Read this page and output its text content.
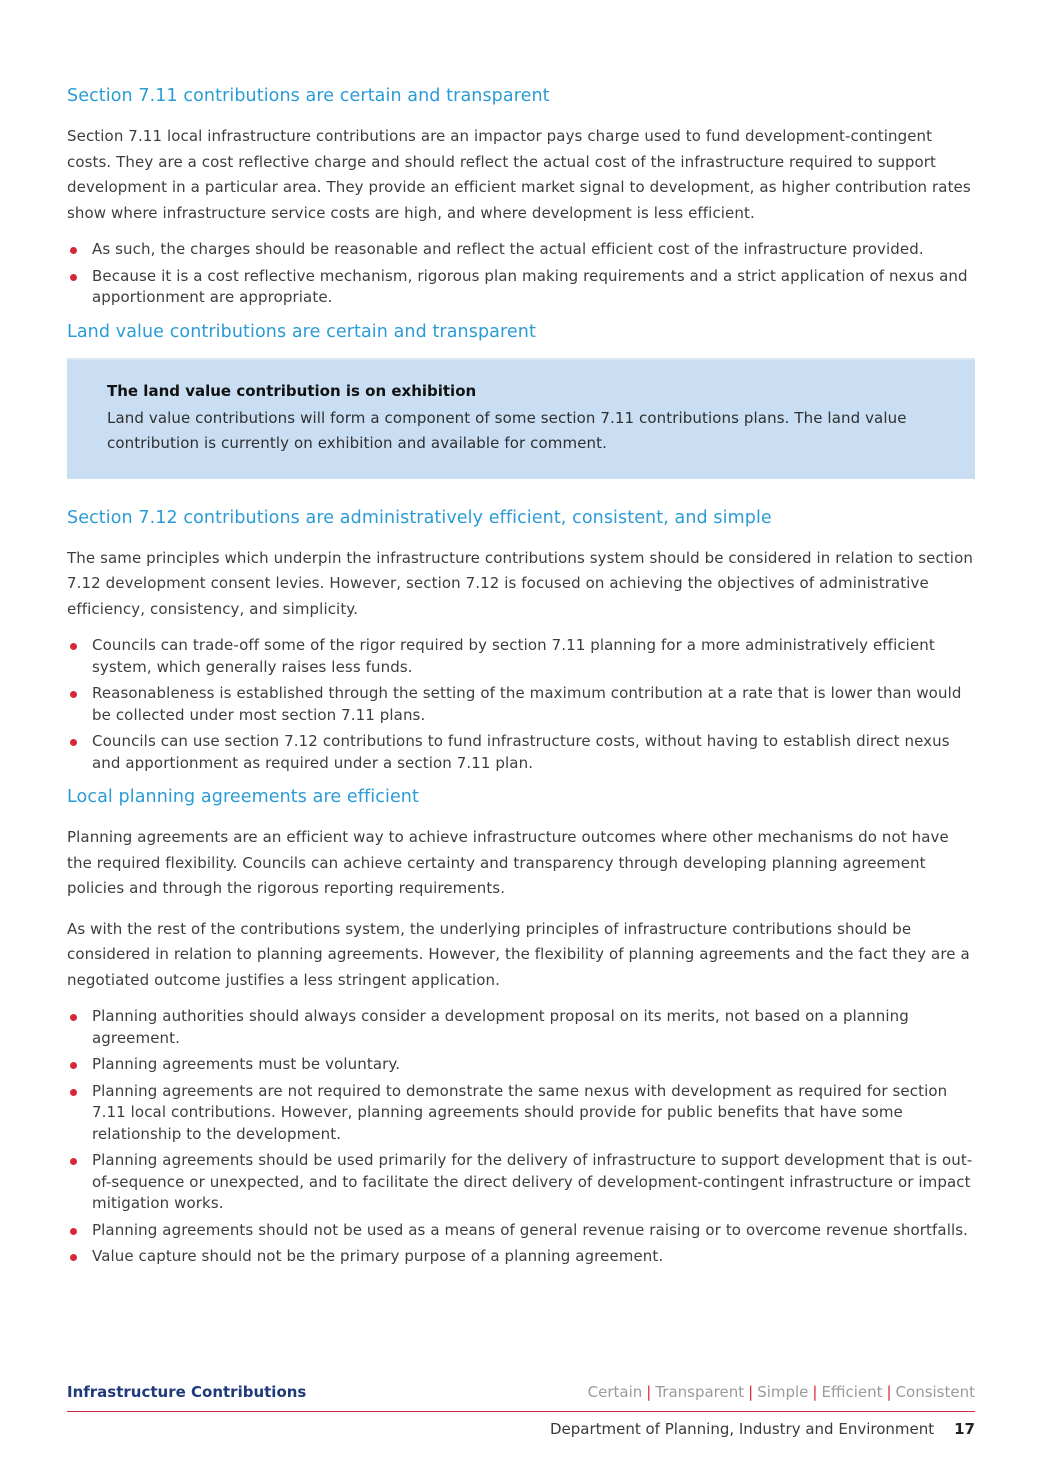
Section 7.11 contributions are certain and transparent

Section 7.11 local infrastructure contributions are an impactor pays charge used to fund development-contingent costs. They are a cost reflective charge and should reflect the actual cost of the infrastructure required to support development in a particular area. They provide an efficient market signal to development, as higher contribution rates show where infrastructure service costs are high, and where development is less efficient.

As such, the charges should be reasonable and reflect the actual efficient cost of the infrastructure provided.
Because it is a cost reflective mechanism, rigorous plan making requirements and a strict application of nexus and apportionment are appropriate.
Land value contributions are certain and transparent
The land value contribution is on exhibition

Land value contributions will form a component of some section 7.11 contributions plans. The land value contribution is currently on exhibition and available for comment.

Section 7.12 contributions are administratively efficient, consistent, and simple

The same principles which underpin the infrastructure contributions system should be considered in relation to section 7.12 development consent levies. However, section 7.12 is focused on achieving the objectives of administrative efficiency, consistency, and simplicity.

Councils can trade-off some of the rigor required by section 7.11 planning for a more administratively efficient system, which generally raises less funds.
Reasonableness is established through the setting of the maximum contribution at a rate that is lower than would be collected under most section 7.11 plans.
Councils can use section 7.12 contributions to fund infrastructure costs, without having to establish direct nexus and apportionment as required under a section 7.11 plan.
Local planning agreements are efficient

Planning agreements are an efficient way to achieve infrastructure outcomes where other mechanisms do not have the required flexibility. Councils can achieve certainty and transparency through developing planning agreement policies and through the rigorous reporting requirements.

As with the rest of the contributions system, the underlying principles of infrastructure contributions should be considered in relation to planning agreements. However, the flexibility of planning agreements and the fact they are a negotiated outcome justifies a less stringent application.

Planning authorities should always consider a development proposal on its merits, not based on a planning agreement.
Planning agreements must be voluntary.
Planning agreements are not required to demonstrate the same nexus with development as required for section 7.11 local contributions. However, planning agreements should provide for public benefits that have some relationship to the development.
Planning agreements should be used primarily for the delivery of infrastructure to support development that is out-of-sequence or unexpected, and to facilitate the direct delivery of development-contingent infrastructure or impact mitigation works.
Planning agreements should not be used as a means of general revenue raising or to overcome revenue shortfalls.
Value capture should not be the primary purpose of a planning agreement.
Infrastructure Contributions	Certain | Transparent | Simple | Efficient | Consistent
Department of Planning, Industry and Environment 17
